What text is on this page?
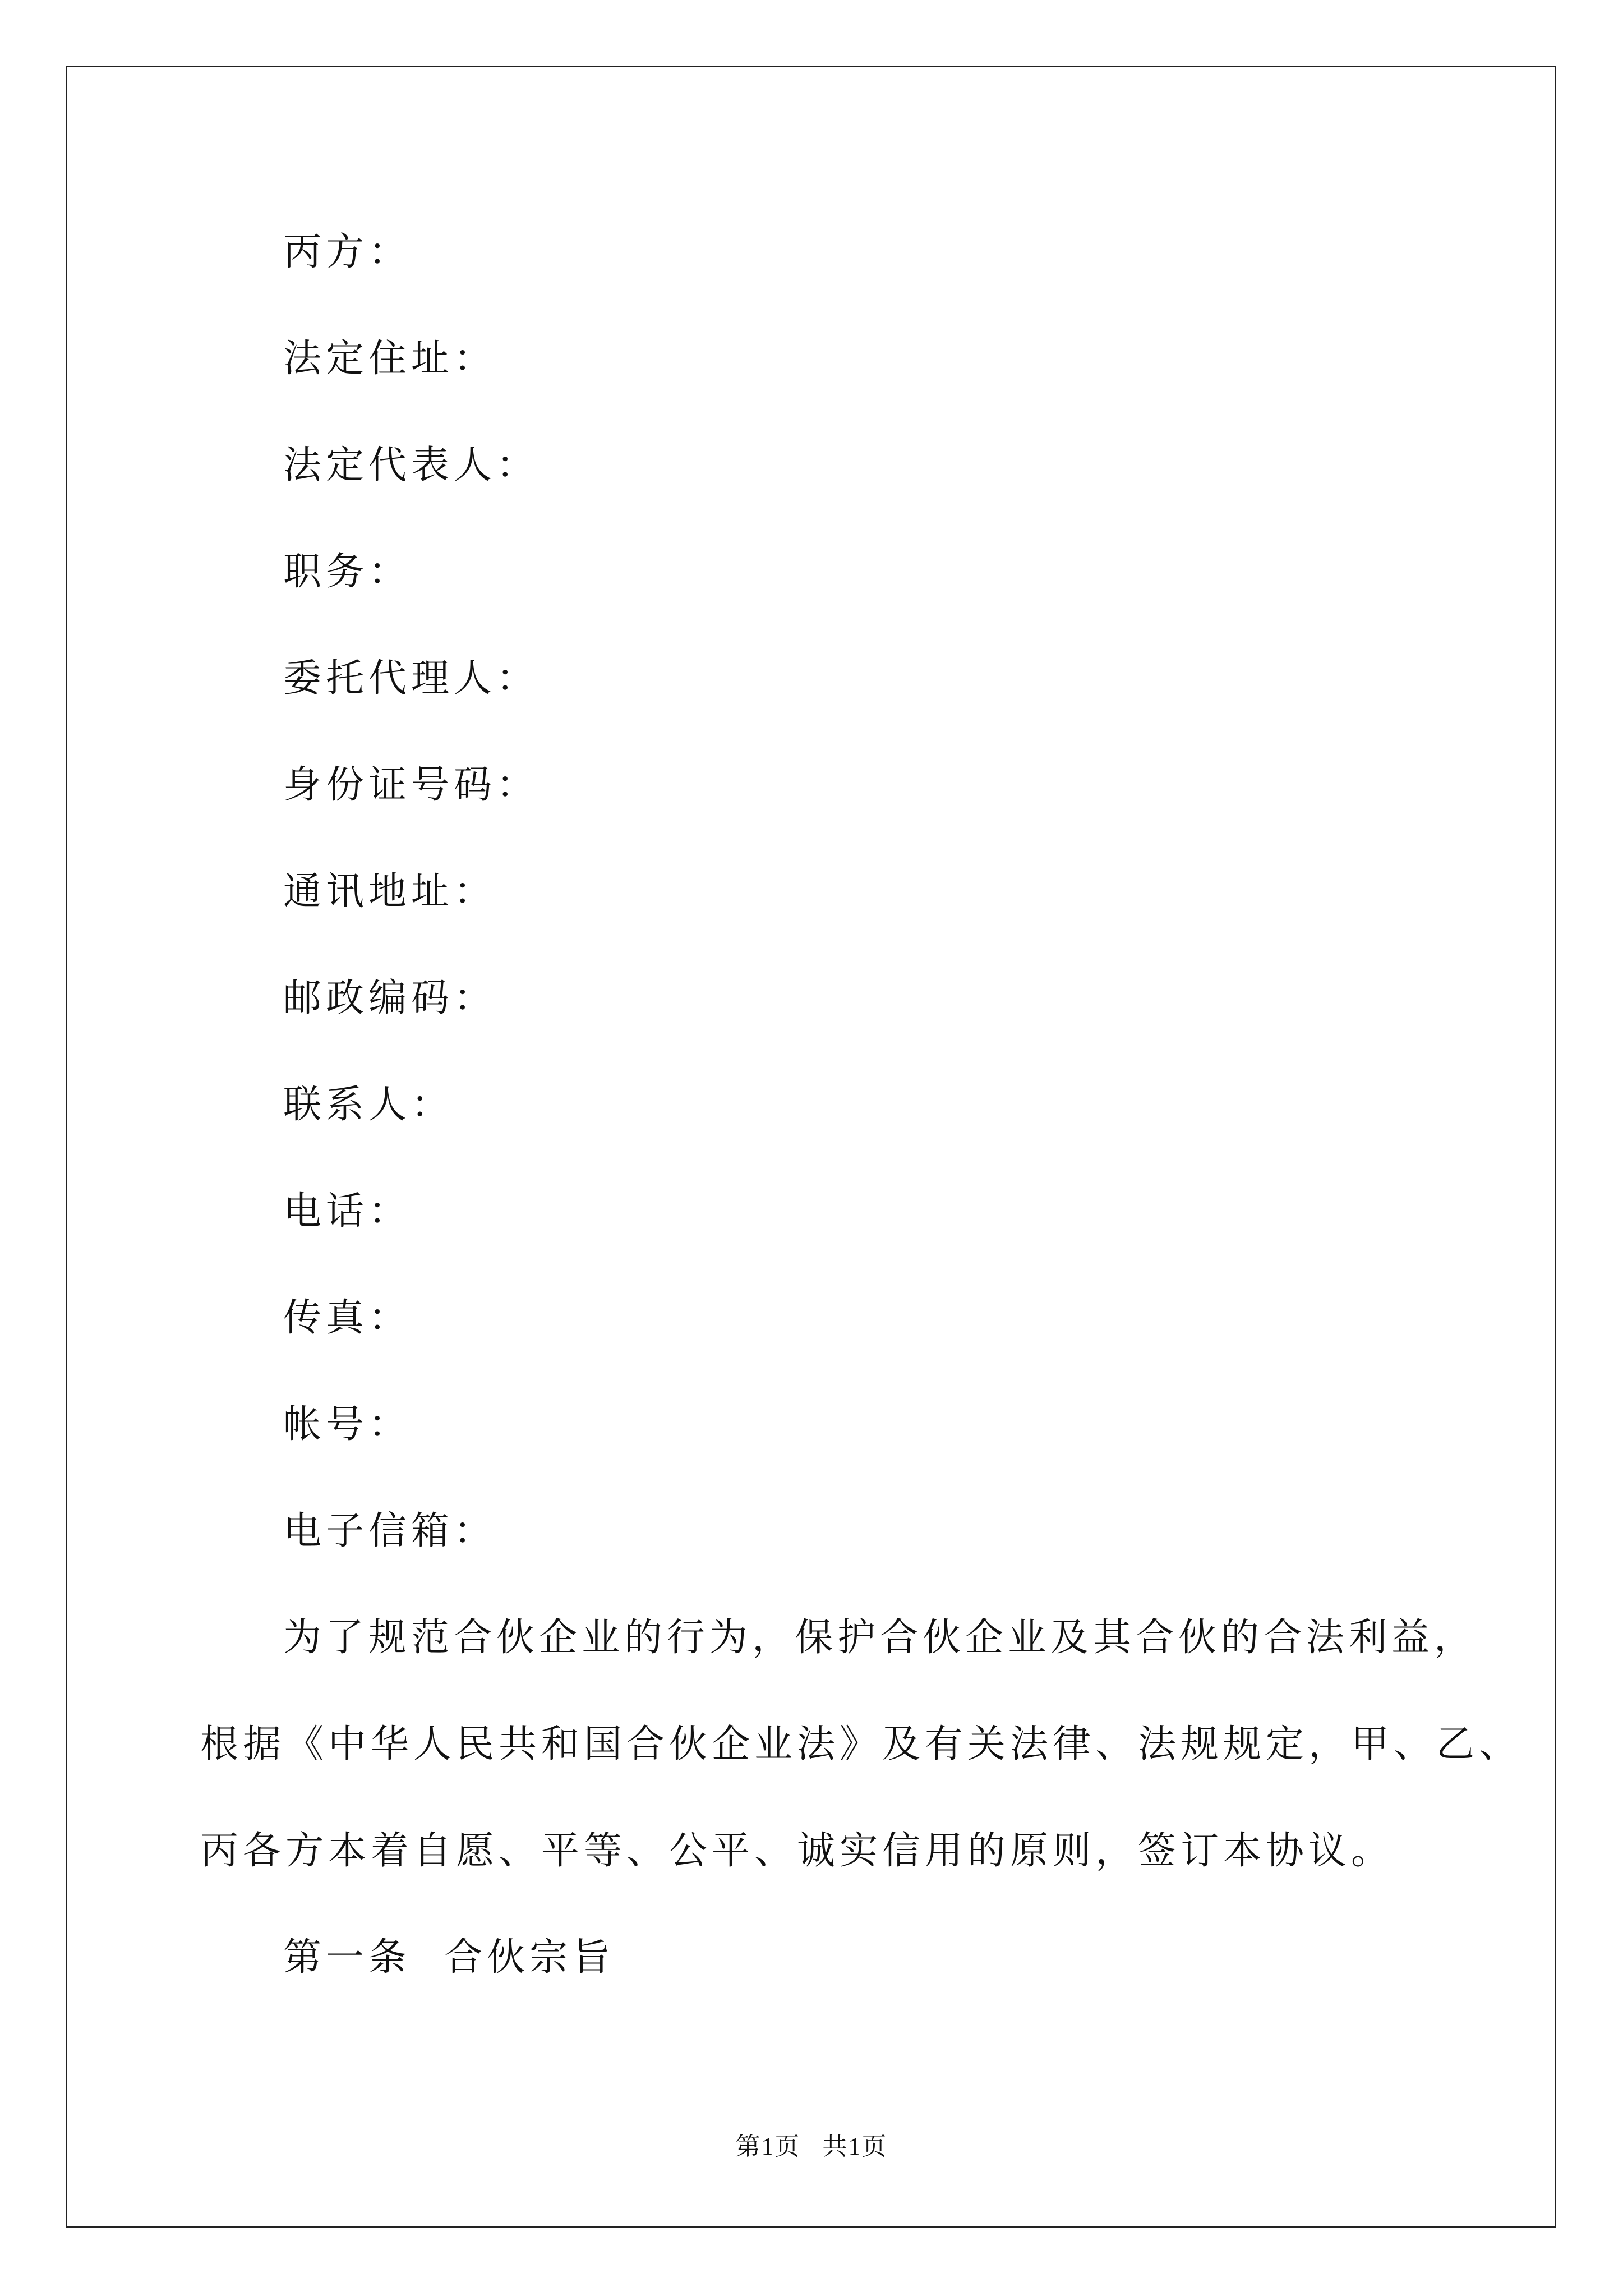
丙方：
法定住址：
法定代表人：
职务：
委托代理人：
身份证号码：
通讯地址：
邮政编码：
联系人：
电话：
传真：
帐号：
电子信箱：
为了规范合伙企业的行为，保护合伙企业及其合伙的合法利益，
根据《中华人民共和国合伙企业法》及有关法律、法规规定，甲、乙、
丙各方本着自愿、平等、公平、诚实信用的原则，签订本协议。
第一条  合伙宗旨
第1页   共1页
